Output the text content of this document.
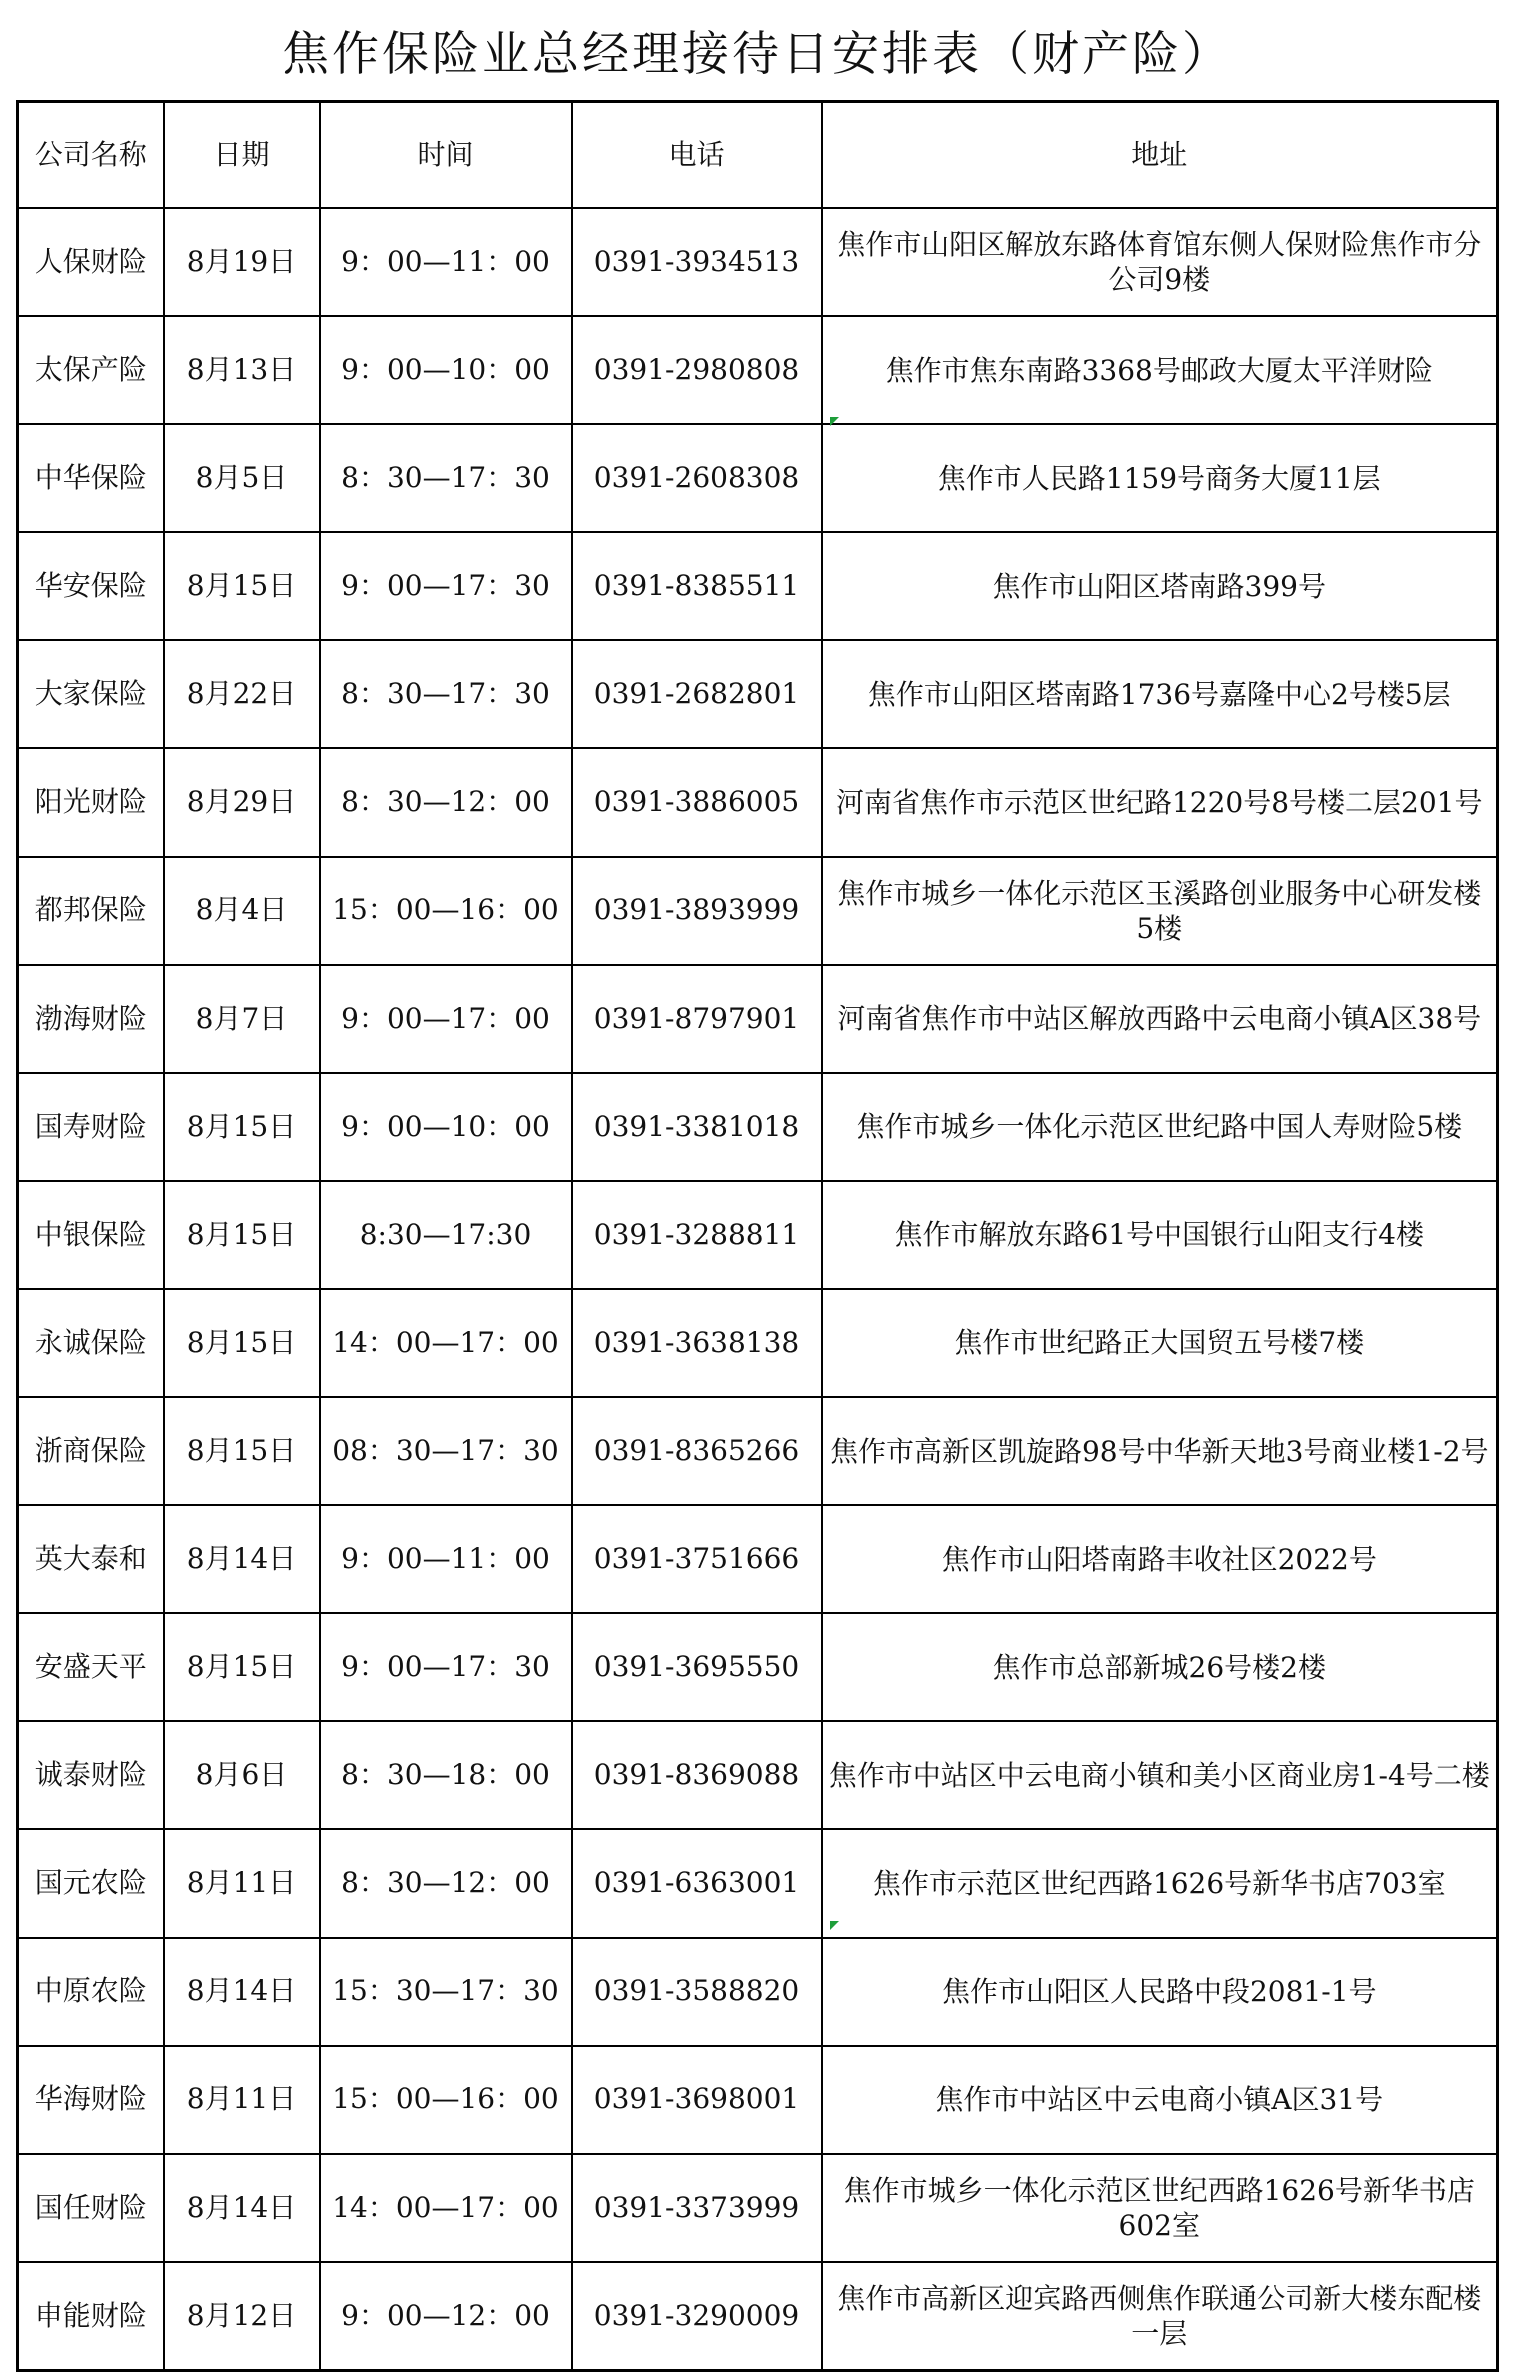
焦作保险业总经理接待日安排表（财产险）
公司名称	日期	时间	电话	地址
人保财险	8月19日	9：00—11：00	0391-3934513	焦作市山阳区解放东路体育馆东侧人保财险焦作市分公司9楼
太保产险	8月13日	9：00—10：00	0391-2980808	焦作市焦东南路3368号邮政大厦太平洋财险
中华保险	8月5日	8：30—17：30	0391-2608308	焦作市人民路1159号商务大厦11层
华安保险	8月15日	9：00—17：30	0391-8385511	焦作市山阳区塔南路399号
大家保险	8月22日	8：30—17：30	0391-2682801	焦作市山阳区塔南路1736号嘉隆中心2号楼5层
阳光财险	8月29日	8：30—12：00	0391-3886005	河南省焦作市示范区世纪路1220号8号楼二层201号
都邦保险	8月4日	15：00—16：00	0391-3893999	焦作市城乡一体化示范区玉溪路创业服务中心研发楼5楼
渤海财险	8月7日	9：00—17：00	0391-8797901	河南省焦作市中站区解放西路中云电商小镇A区38号
国寿财险	8月15日	9：00—10：00	0391-3381018	焦作市城乡一体化示范区世纪路中国人寿财险5楼
中银保险	8月15日	8:30—17:30	0391-3288811	焦作市解放东路61号中国银行山阳支行4楼
永诚保险	8月15日	14：00—17：00	0391-3638138	焦作市世纪路正大国贸五号楼7楼
浙商保险	8月15日	08：30—17：30	0391-8365266	焦作市高新区凯旋路98号中华新天地3号商业楼1-2号
英大泰和	8月14日	9：00—11：00	0391-3751666	焦作市山阳塔南路丰收社区2022号
安盛天平	8月15日	9：00—17：30	0391-3695550	焦作市总部新城26号楼2楼
诚泰财险	8月6日	8：30—18：00	0391-8369088	焦作市中站区中云电商小镇和美小区商业房1-4号二楼
国元农险	8月11日	8：30—12：00	0391-6363001	焦作市示范区世纪西路1626号新华书店703室
中原农险	8月14日	15：30—17：30	0391-3588820	焦作市山阳区人民路中段2081-1号
华海财险	8月11日	15：00—16：00	0391-3698001	焦作市中站区中云电商小镇A区31号
国任财险	8月14日	14：00—17：00	0391-3373999	焦作市城乡一体化示范区世纪西路1626号新华书店602室
申能财险	8月12日	9：00—12：00	0391-3290009	焦作市高新区迎宾路西侧焦作联通公司新大楼东配楼一层
